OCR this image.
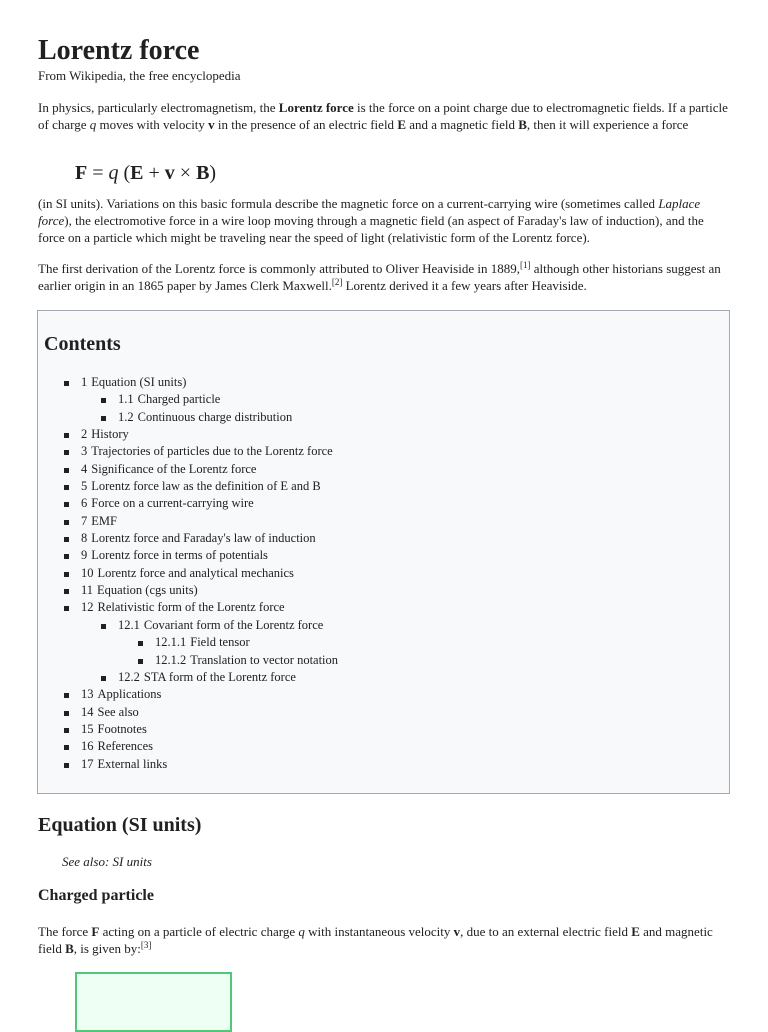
Lorentz force
From Wikipedia, the free encyclopedia

In physics, particularly electromagnetism, the Lorentz force is the force on a point charge due to electromagnetic fields. If a particle of charge q moves with velocity v in the presence of an electric field E and a magnetic field B, then it will experience a force

F = q (E + v × B)

(in SI units). Variations on this basic formula describe the magnetic force on a current-carrying wire (sometimes called Laplace force), the electromotive force in a wire loop moving through a magnetic field (an aspect of Faraday's law of induction), and the force on a particle which might be traveling near the speed of light (relativistic form of the Lorentz force).

The first derivation of the Lorentz force is commonly attributed to Oliver Heaviside in 1889,[1] although other historians suggest an earlier origin in an 1865 paper by James Clerk Maxwell.[2] Lorentz derived it a few years after Heaviside.

Contents
1 Equation (SI units)
1.1 Charged particle
1.2 Continuous charge distribution
2 History
3 Trajectories of particles due to the Lorentz force
4 Significance of the Lorentz force
5 Lorentz force law as the definition of E and B
6 Force on a current-carrying wire
7 EMF
8 Lorentz force and Faraday's law of induction
9 Lorentz force in terms of potentials
10 Lorentz force and analytical mechanics
11 Equation (cgs units)
12 Relativistic form of the Lorentz force
12.1 Covariant form of the Lorentz force
12.1.1 Field tensor
12.1.2 Translation to vector notation
12.2 STA form of the Lorentz force
13 Applications
14 See also
15 Footnotes
16 References
17 External links
Equation (SI units)
See also: SI units
Charged particle

The force F acting on a particle of electric charge q with instantaneous velocity v, due to an external electric field E and magnetic field B, is given by:[3]
